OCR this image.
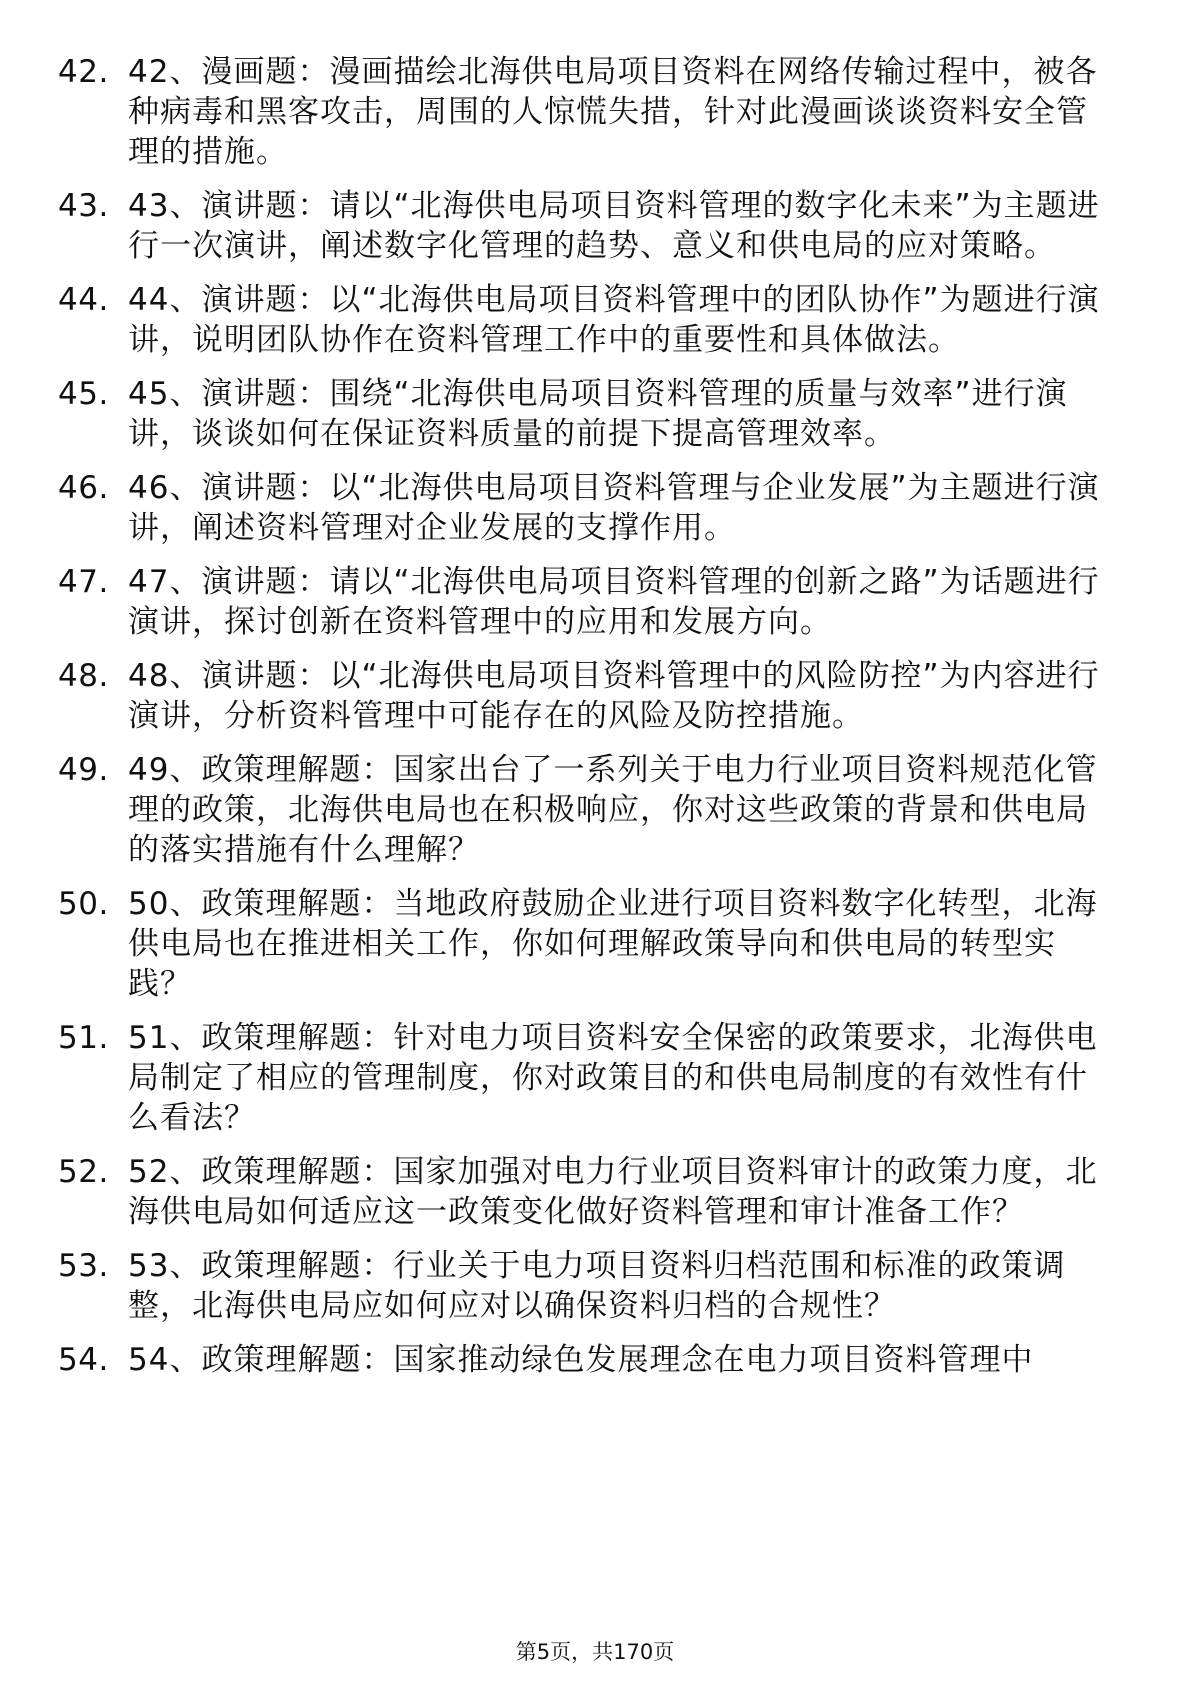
42. 42、漫画题：漫画描绘北海供电局项目资料在网络传输过程中，被各种病毒和黑客攻击，周围的人惊慌失措，针对此漫画谈谈资料安全管理的措施。
43. 43、演讲题：请以“北海供电局项目资料管理的数字化未来”为主题进行一次演讲，阐述数字化管理的趋势、意义和供电局的应对策略。
44. 44、演讲题：以“北海供电局项目资料管理中的团队协作”为题进行演讲，说明团队协作在资料管理工作中的重要性和具体做法。
45. 45、演讲题：围绕“北海供电局项目资料管理的质量与效率”进行演讲，谈谈如何在保证资料质量的前提下提高管理效率。
46. 46、演讲题：以“北海供电局项目资料管理与企业发展”为主题进行演讲，阐述资料管理对企业发展的支撑作用。
47. 47、演讲题：请以“北海供电局项目资料管理的创新之路”为话题进行演讲，探讨创新在资料管理中的应用和发展方向。
48. 48、演讲题：以“北海供电局项目资料管理中的风险防控”为内容进行演讲，分析资料管理中可能存在的风险及防控措施。
49. 49、政策理解题：国家出台了一系列关于电力行业项目资料规范化管理的政策，北海供电局也在积极响应，你对这些政策的背景和供电局的落实措施有什么理解？
50. 50、政策理解题：当地政府鼓励企业进行项目资料数字化转型，北海供电局也在推进相关工作，你如何理解政策导向和供电局的转型实践？
51. 51、政策理解题：针对电力项目资料安全保密的政策要求，北海供电局制定了相应的管理制度，你对政策目的和供电局制度的有效性有什么看法？
52. 52、政策理解题：国家加强对电力行业项目资料审计的政策力度，北海供电局如何适应这一政策变化做好资料管理和审计准备工作？
53. 53、政策理解题：行业关于电力项目资料归档范围和标准的政策调整，北海供电局应如何应对以确保资料归档的合规性？
54. 54、政策理解题：国家推动绿色发展理念在电力项目资料管理中
第5页，共170页
